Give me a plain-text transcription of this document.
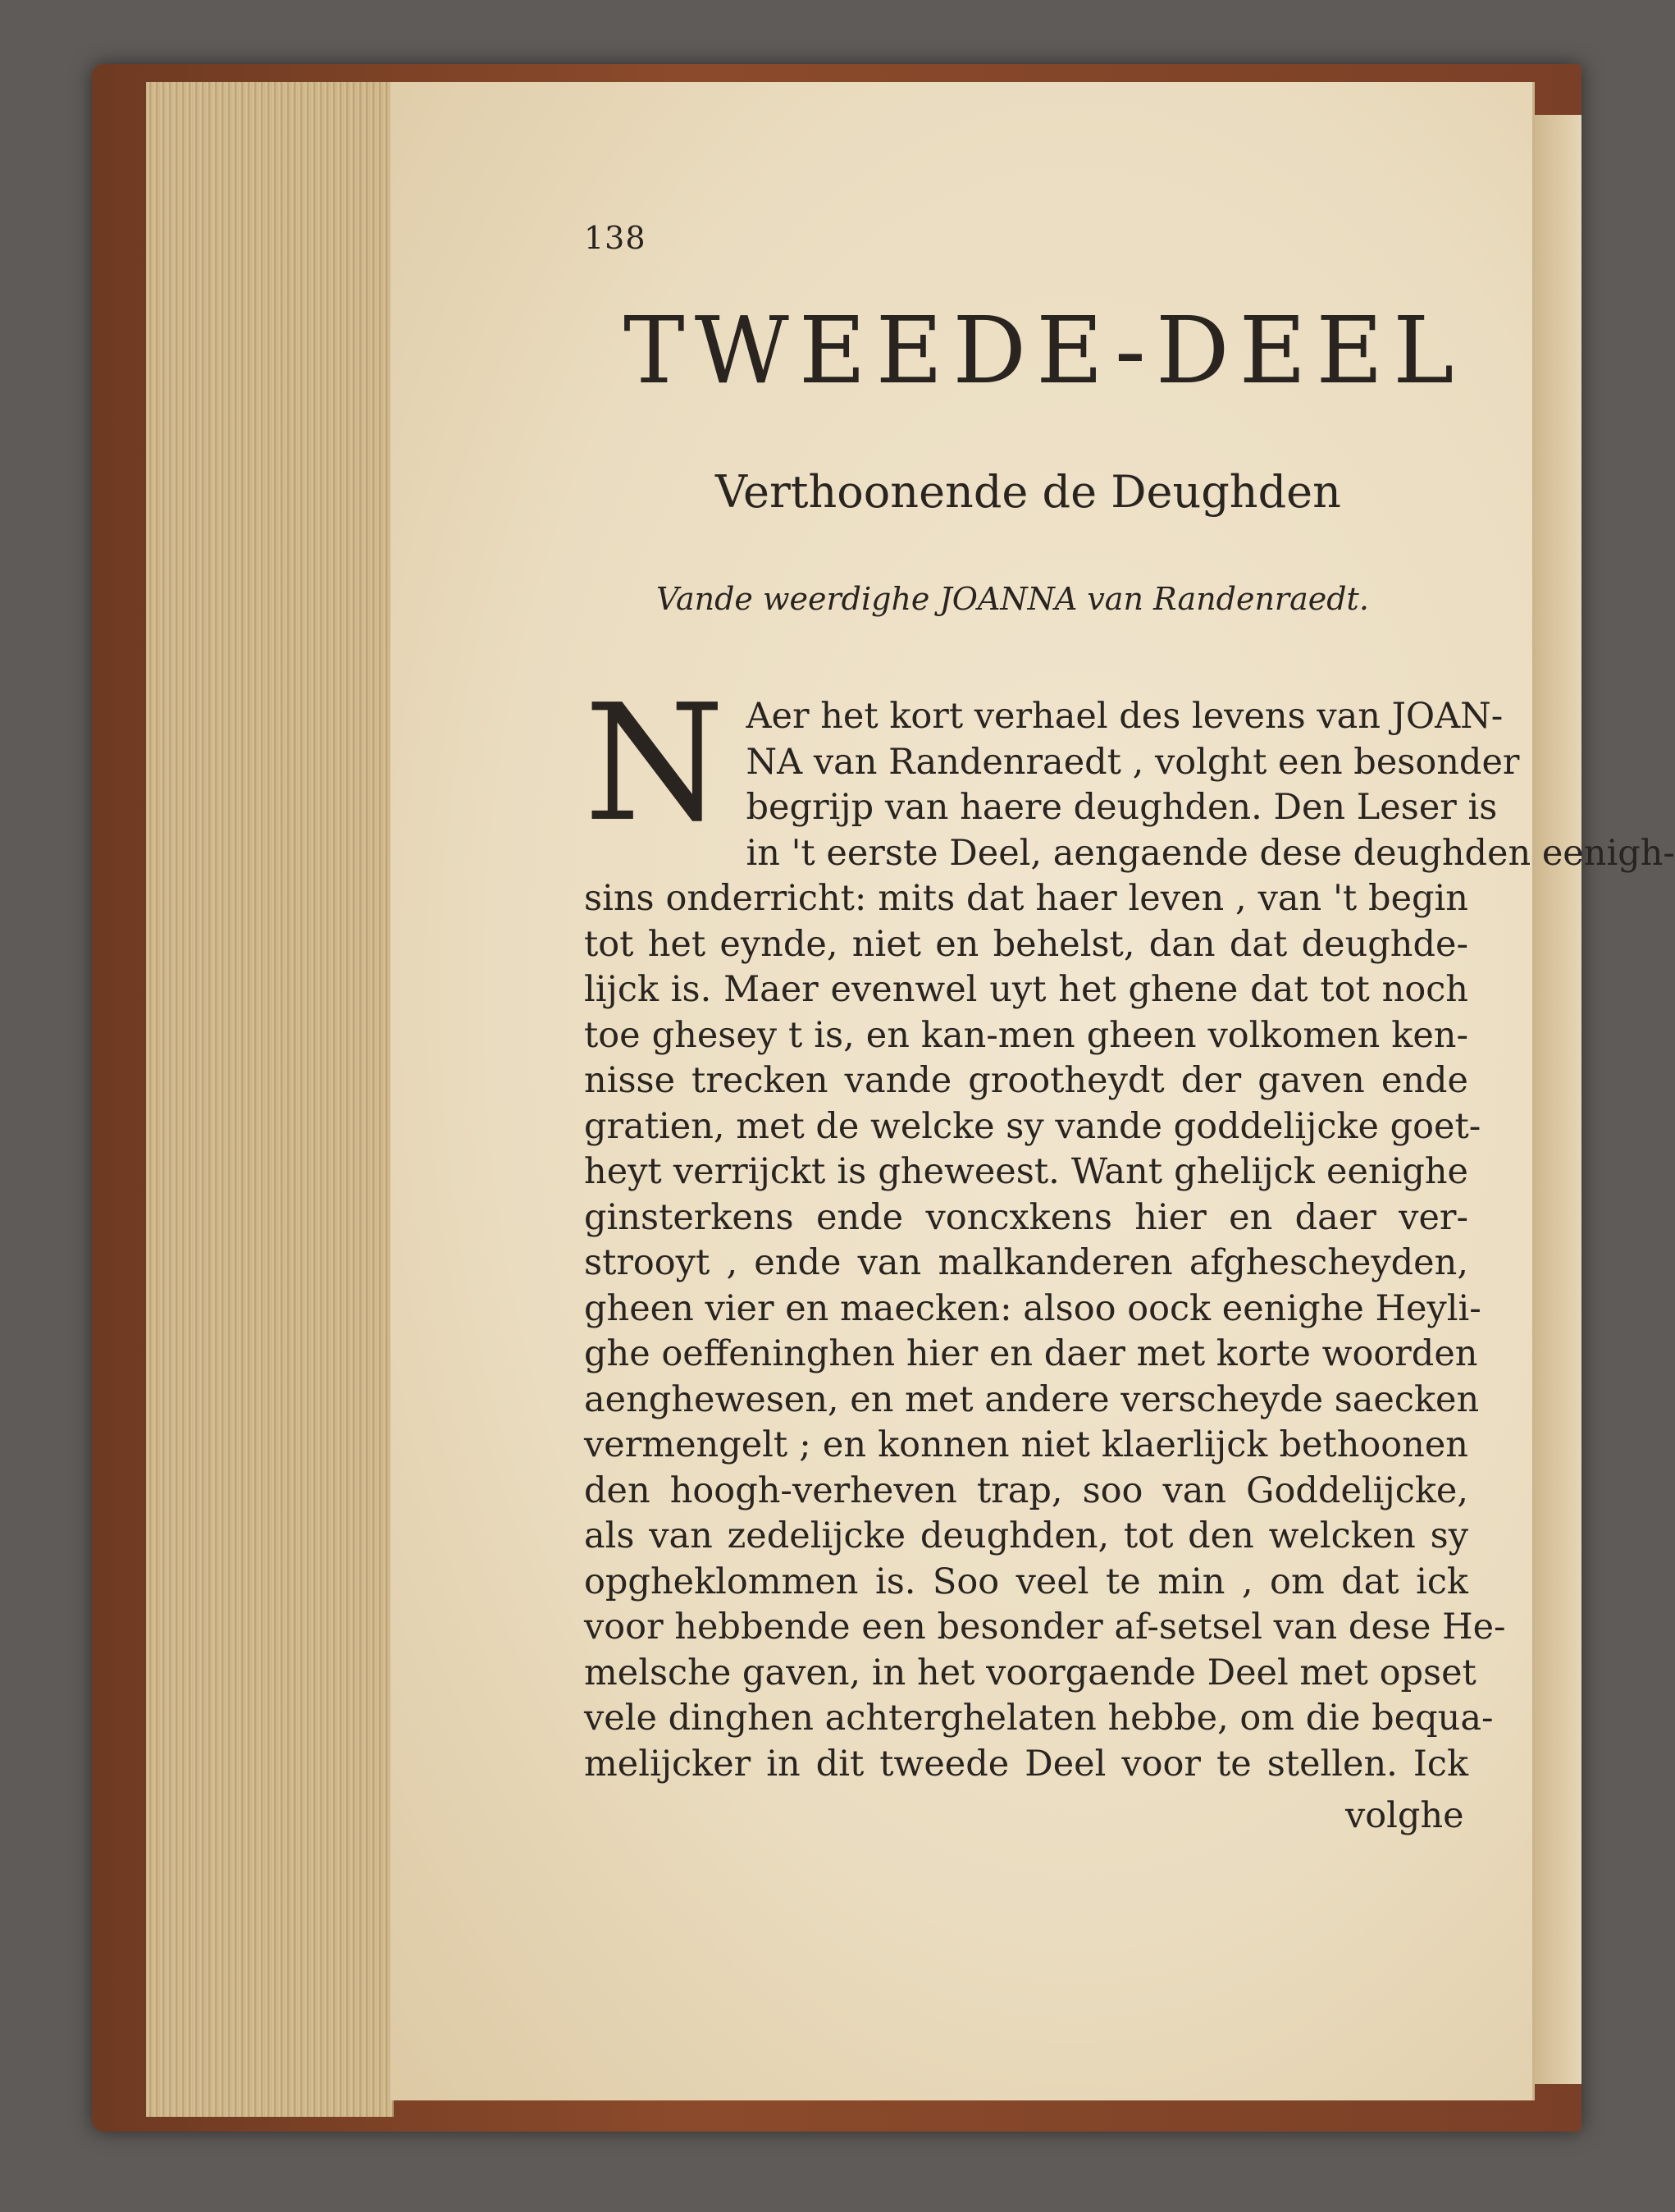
138
TWEEDE-DEEL
Verthoonende de Deughden
Vande weerdighe JOANNA van Randenraedt.
N Aer het kort verhael des levens van JOAN-
NA van Randenraedt , volght een besonder
begrijp van haere deughden. Den Leser is
in 't eerste Deel, aengaende dese deughden eenigh-
sins onderricht: mits dat haer leven , van 't begin
tot het eynde, niet en behelst, dan dat deughde-
lijck is. Maer evenwel uyt het ghene dat tot noch
toe ghesey t is, en kan-men gheen volkomen ken-
nisse trecken vande grootheydt der gaven ende
gratien, met de welcke sy vande goddelijcke goet-
heyt verrijckt is gheweest. Want ghelijck eenighe
ginsterkens ende voncxkens hier en daer ver-
strooyt , ende van malkanderen afghescheyden,
gheen vier en maecken: alsoo oock eenighe Heyli-
ghe oeffeninghen hier en daer met korte woorden
aenghewesen, en met andere verscheyde saecken
vermengelt ; en konnen niet klaerlijck bethoonen
den hoogh-verheven trap, soo van Goddelijcke,
als van zedelijcke deughden, tot den welcken sy
opgheklommen is. Soo veel te min , om dat ick
voor hebbende een besonder af-setsel van dese He-
melsche gaven, in het voorgaende Deel met opset
vele dinghen achterghelaten hebbe, om die bequa-
melijcker in dit tweede Deel voor te stellen. Ick
volghe
